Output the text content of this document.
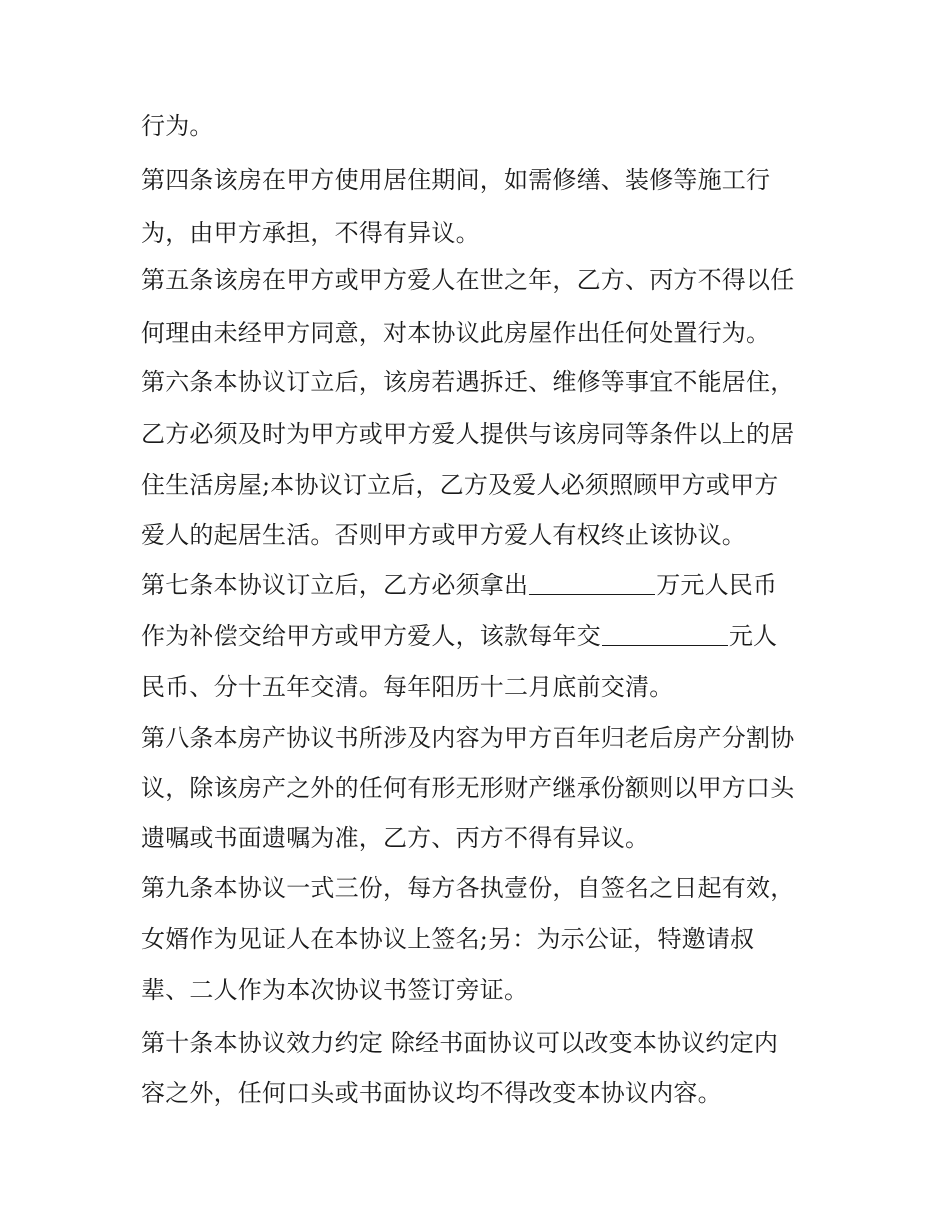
行为。
第四条该房在甲方使用居住期间，如需修缮、装修等施工行
为，由甲方承担，不得有异议。
第五条该房在甲方或甲方爱人在世之年，乙方、丙方不得以任
何理由未经甲方同意，对本协议此房屋作出任何处置行为。
第六条本协议订立后，该房若遇拆迁、维修等事宜不能居住，
乙方必须及时为甲方或甲方爱人提供与该房同等条件以上的居
住生活房屋;本协议订立后，乙方及爱人必须照顾甲方或甲方
爱人的起居生活。否则甲方或甲方爱人有权终止该协议。
第七条本协议订立后，乙方必须拿出	万元人民币
作为补偿交给甲方或甲方爱人，该款每年交	元人
民币、分十五年交清。每年阳历十二月底前交清。
第八条本房产协议书所涉及内容为甲方百年归老后房产分割协
议，除该房产之外的任何有形无形财产继承份额则以甲方口头
遗嘱或书面遗嘱为准，乙方、丙方不得有异议。
第九条本协议一式三份，每方各执壹份，自签名之日起有效，
女婿作为见证人在本协议上签名;另：为示公证，特邀请叔
辈、二人作为本次协议书签订旁证。
第十条本协议效力约定 除经书面协议可以改变本协议约定内
容之外，任何口头或书面协议均不得改变本协议内容。
